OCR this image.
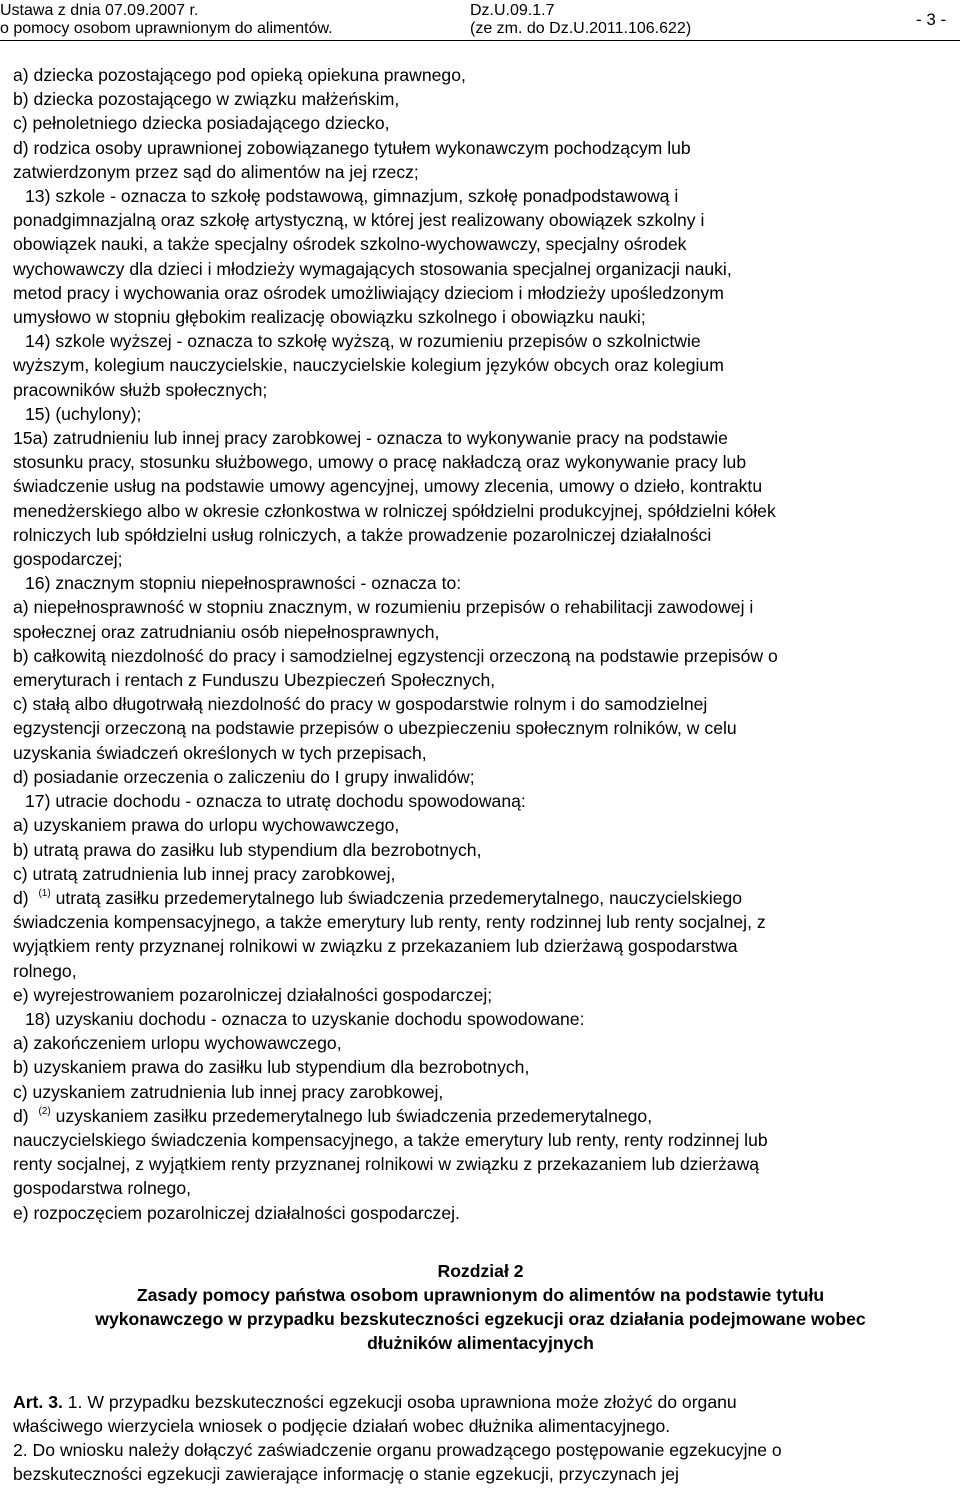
Ustawa z dnia 07.09.2007 r.	Dz.U.09.1.7
o pomocy osobom uprawnionym do alimentów.	(ze zm. do Dz.U.2011.106.622)	- 3 -

a) dziecka pozostającego pod opieką opiekuna prawnego,

b) dziecka pozostającego w związku małżeńskim,

c) pełnoletniego dziecka posiadającego dziecko,

d) rodzica osoby uprawnionej zobowiązanego tytułem wykonawczym pochodzącym lub

zatwierdzonym przez sąd do alimentów na jej rzecz;

13) szkole - oznacza to szkołę podstawową, gimnazjum, szkołę ponadpodstawową i

ponadgimnazjalną oraz szkołę artystyczną, w której jest realizowany obowiązek szkolny i

obowiązek nauki, a także specjalny ośrodek szkolno-wychowawczy, specjalny ośrodek

wychowawczy dla dzieci i młodzieży wymagających stosowania specjalnej organizacji nauki,

metod pracy i wychowania oraz ośrodek umożliwiający dzieciom i młodzieży upośledzonym

umysłowo w stopniu głębokim realizację obowiązku szkolnego i obowiązku nauki;

14) szkole wyższej - oznacza to szkołę wyższą, w rozumieniu przepisów o szkolnictwie

wyższym, kolegium nauczycielskie, nauczycielskie kolegium języków obcych oraz kolegium

pracowników służb społecznych;

15) (uchylony);

15a) zatrudnieniu lub innej pracy zarobkowej - oznacza to wykonywanie pracy na podstawie

stosunku pracy, stosunku służbowego, umowy o pracę nakładczą oraz wykonywanie pracy lub

świadczenie usług na podstawie umowy agencyjnej, umowy zlecenia, umowy o dzieło, kontraktu

menedżerskiego albo w okresie członkostwa w rolniczej spółdzielni produkcyjnej, spółdzielni kółek

rolniczych lub spółdzielni usług rolniczych, a także prowadzenie pozarolniczej działalności

gospodarczej;

16) znacznym stopniu niepełnosprawności - oznacza to:

a) niepełnosprawność w stopniu znacznym, w rozumieniu przepisów o rehabilitacji zawodowej i

społecznej oraz zatrudnianiu osób niepełnosprawnych,

b) całkowitą niezdolność do pracy i samodzielnej egzystencji orzeczoną na podstawie przepisów o

emeryturach i rentach z Funduszu Ubezpieczeń Społecznych,

c) stałą albo długotrwałą niezdolność do pracy w gospodarstwie rolnym i do samodzielnej

egzystencji orzeczoną na podstawie przepisów o ubezpieczeniu społecznym rolników, w celu

uzyskania świadczeń określonych w tych przepisach,

d) posiadanie orzeczenia o zaliczeniu do I grupy inwalidów;

17) utracie dochodu - oznacza to utratę dochodu spowodowaną:

a) uzyskaniem prawa do urlopu wychowawczego,

b) utratą prawa do zasiłku lub stypendium dla bezrobotnych,

c) utratą zatrudnienia lub innej pracy zarobkowej,

d) $^{(1)}$ utratą zasiłku przedemerytalnego lub świadczenia przedemerytalnego, nauczycielskiego

świadczenia kompensacyjnego, a także emerytury lub renty, renty rodzinnej lub renty socjalnej, z

wyjątkiem renty przyznanej rolnikowi w związku z przekazaniem lub dzierżawą gospodarstwa

rolnego,

e) wyrejestrowaniem pozarolniczej działalności gospodarczej;

18) uzyskaniu dochodu - oznacza to uzyskanie dochodu spowodowane:

a) zakończeniem urlopu wychowawczego,

b) uzyskaniem prawa do zasiłku lub stypendium dla bezrobotnych,

c) uzyskaniem zatrudnienia lub innej pracy zarobkowej,

d) $^{(2)}$ uzyskaniem zasiłku przedemerytalnego lub świadczenia przedemerytalnego,

nauczycielskiego świadczenia kompensacyjnego, a także emerytury lub renty, renty rodzinnej lub

renty socjalnej, z wyjątkiem renty przyznanej rolnikowi w związku z przekazaniem lub dzierżawą

gospodarstwa rolnego,

e) rozpoczęciem pozarolniczej działalności gospodarczej.

Rozdział 2

Zasady pomocy państwa osobom uprawnionym do alimentów na podstawie tytułu

wykonawczego w przypadku bezskuteczności egzekucji oraz działania podejmowane wobec

dłużników alimentacyjnych

Art. 3. 1. W przypadku bezskuteczności egzekucji osoba uprawniona może złożyć do organu

właściwego wierzyciela wniosek o podjęcie działań wobec dłużnika alimentacyjnego.

2. Do wniosku należy dołączyć zaświadczenie organu prowadzącego postępowanie egzekucyjne o

bezskuteczności egzekucji zawierające informację o stanie egzekucji, przyczynach jej
